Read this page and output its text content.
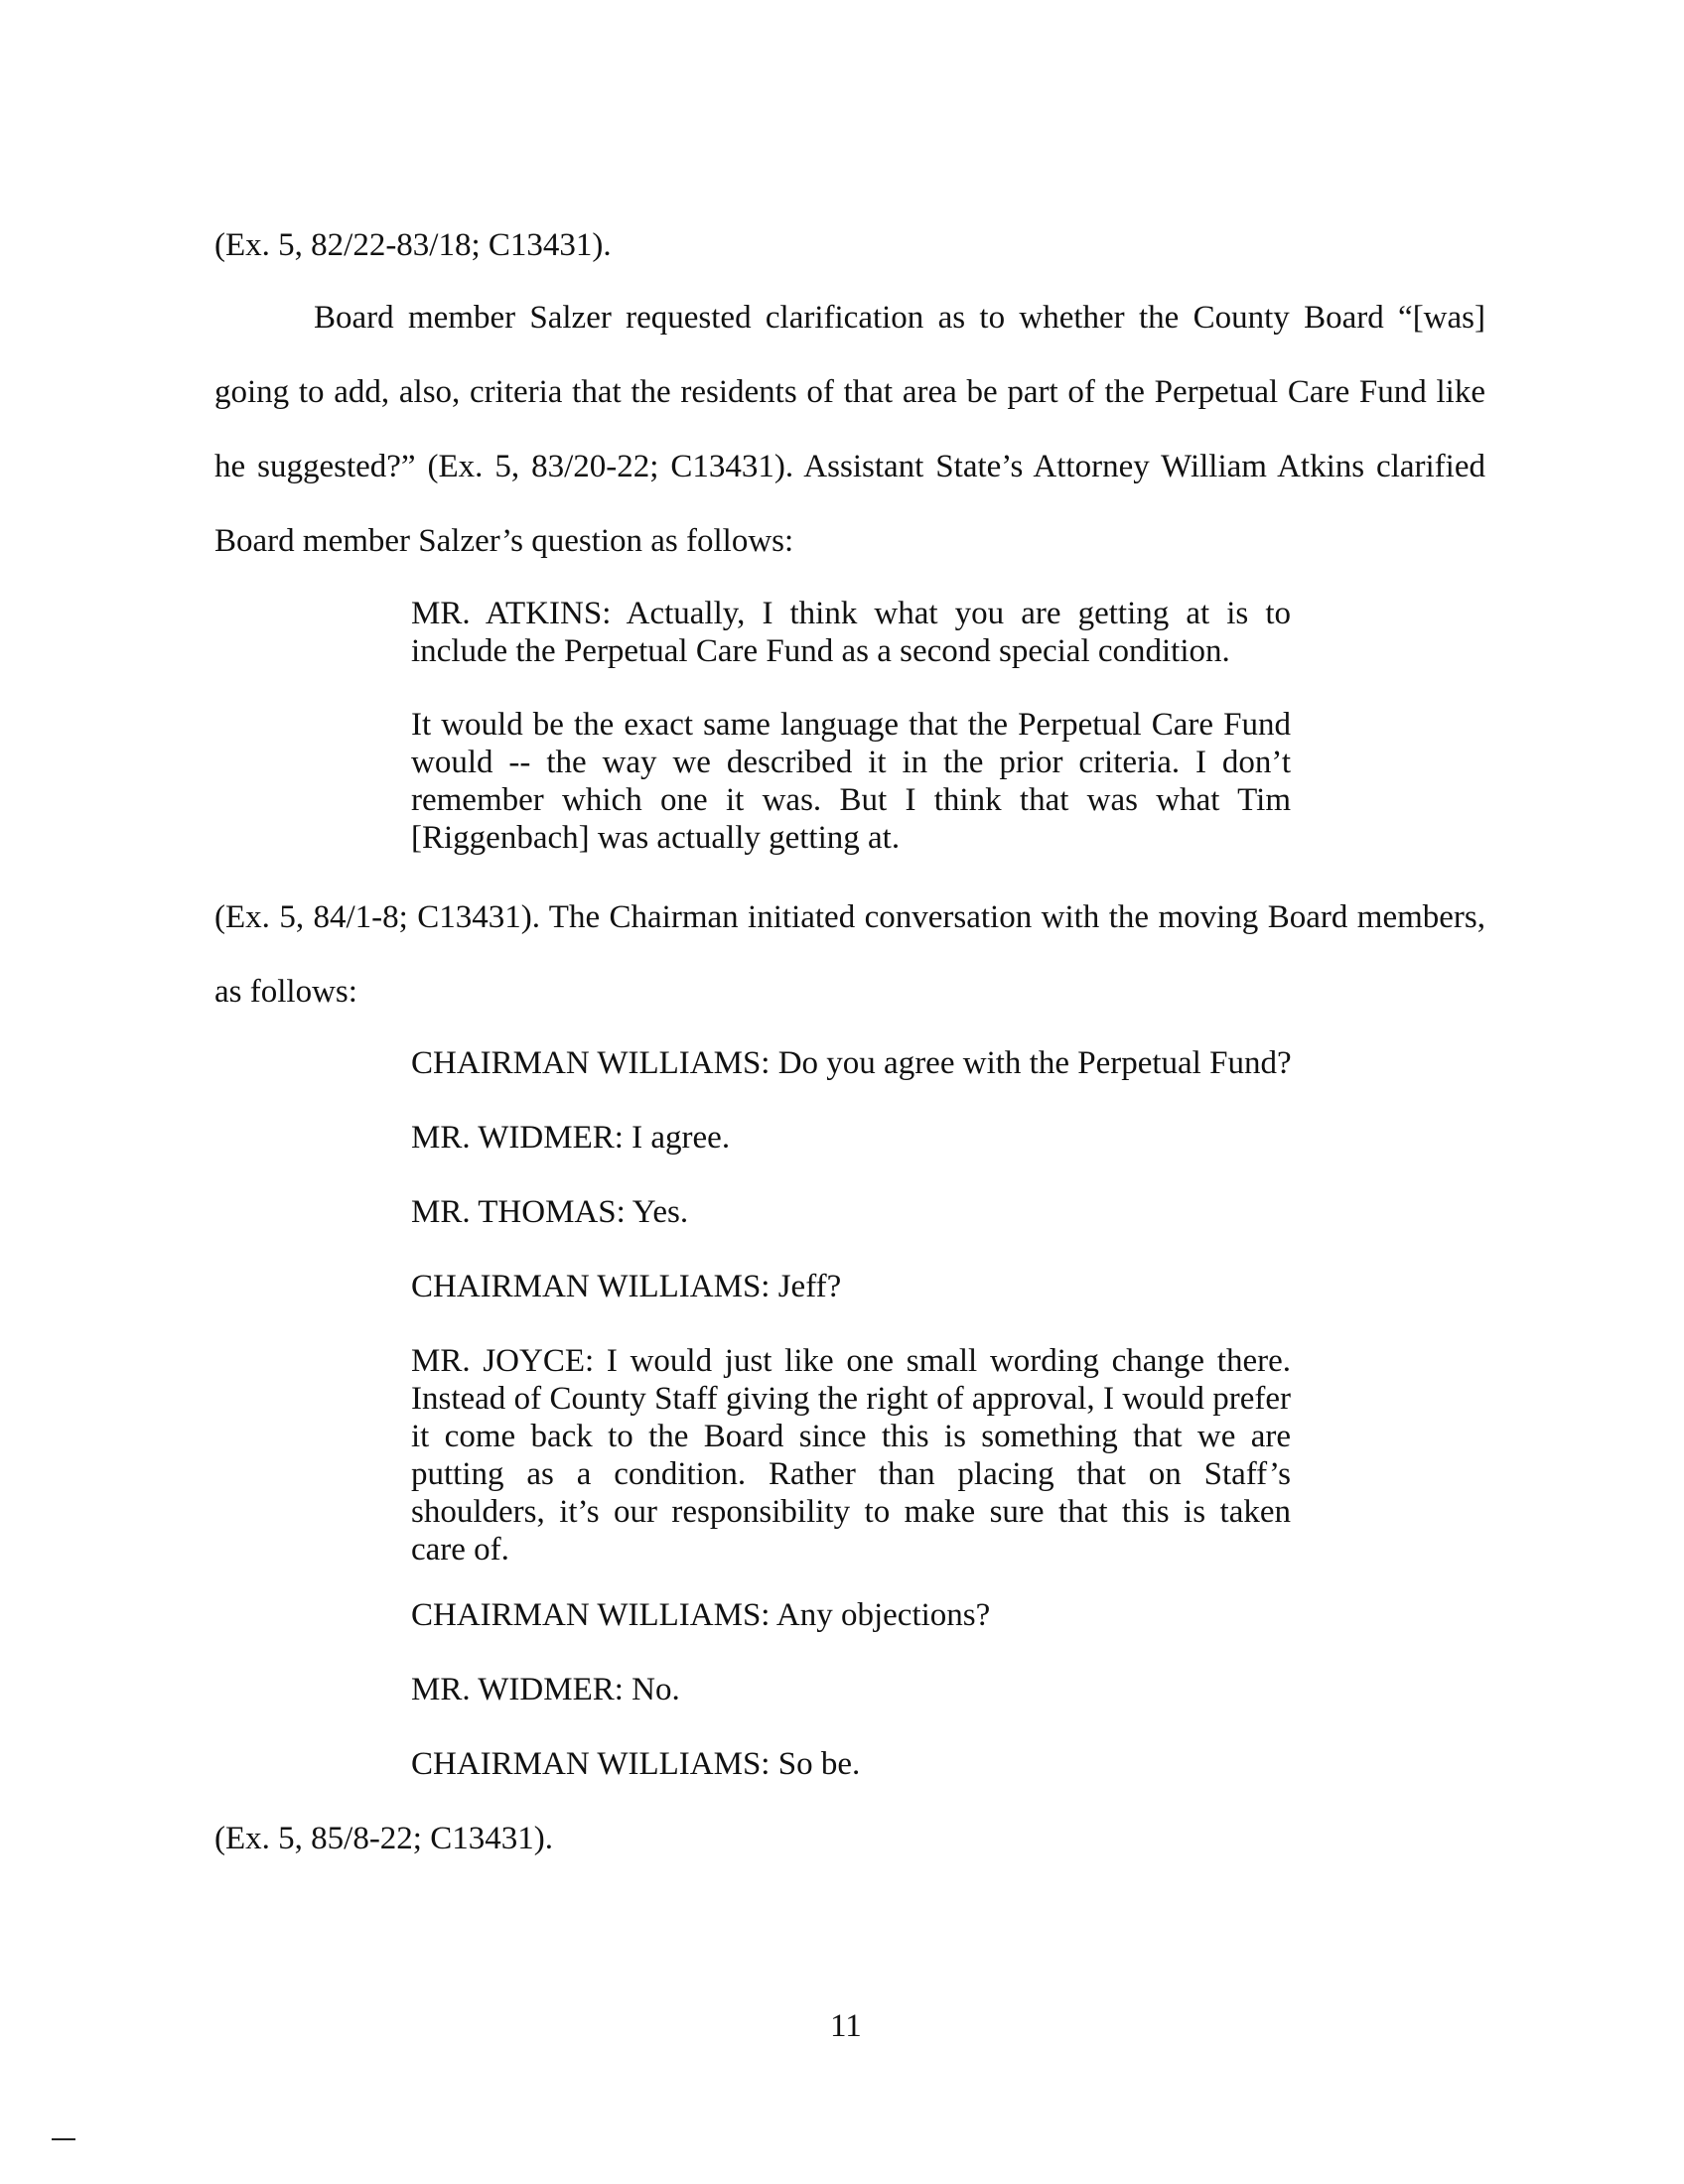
(Ex. 5, 82/22-83/18; C13431).

Board member Salzer requested clarification as to whether the County Board “[was] going to add, also, criteria that the residents of that area be part of the Perpetual Care Fund like he suggested?” (Ex. 5, 83/20-22; C13431). Assistant State’s Attorney William Atkins clarified Board member Salzer’s question as follows:

MR. ATKINS: Actually, I think what you are getting at is to include the Perpetual Care Fund as a second special condition.

It would be the exact same language that the Perpetual Care Fund would -- the way we described it in the prior criteria. I don’t remember which one it was. But I think that was what Tim [Riggenbach] was actually getting at.

(Ex. 5, 84/1-8; C13431). The Chairman initiated conversation with the moving Board members, as follows:

CHAIRMAN WILLIAMS: Do you agree with the Perpetual Fund?
MR. WIDMER: I agree.
MR. THOMAS: Yes.
CHAIRMAN WILLIAMS: Jeff?

MR. JOYCE: I would just like one small wording change there. Instead of County Staff giving the right of approval, I would prefer it come back to the Board since this is something that we are putting as a condition. Rather than placing that on Staff’s shoulders, it’s our responsibility to make sure that this is taken care of.

CHAIRMAN WILLIAMS: Any objections?
MR. WIDMER: No.
CHAIRMAN WILLIAMS: So be.
(Ex. 5, 85/8-22; C13431).
11
